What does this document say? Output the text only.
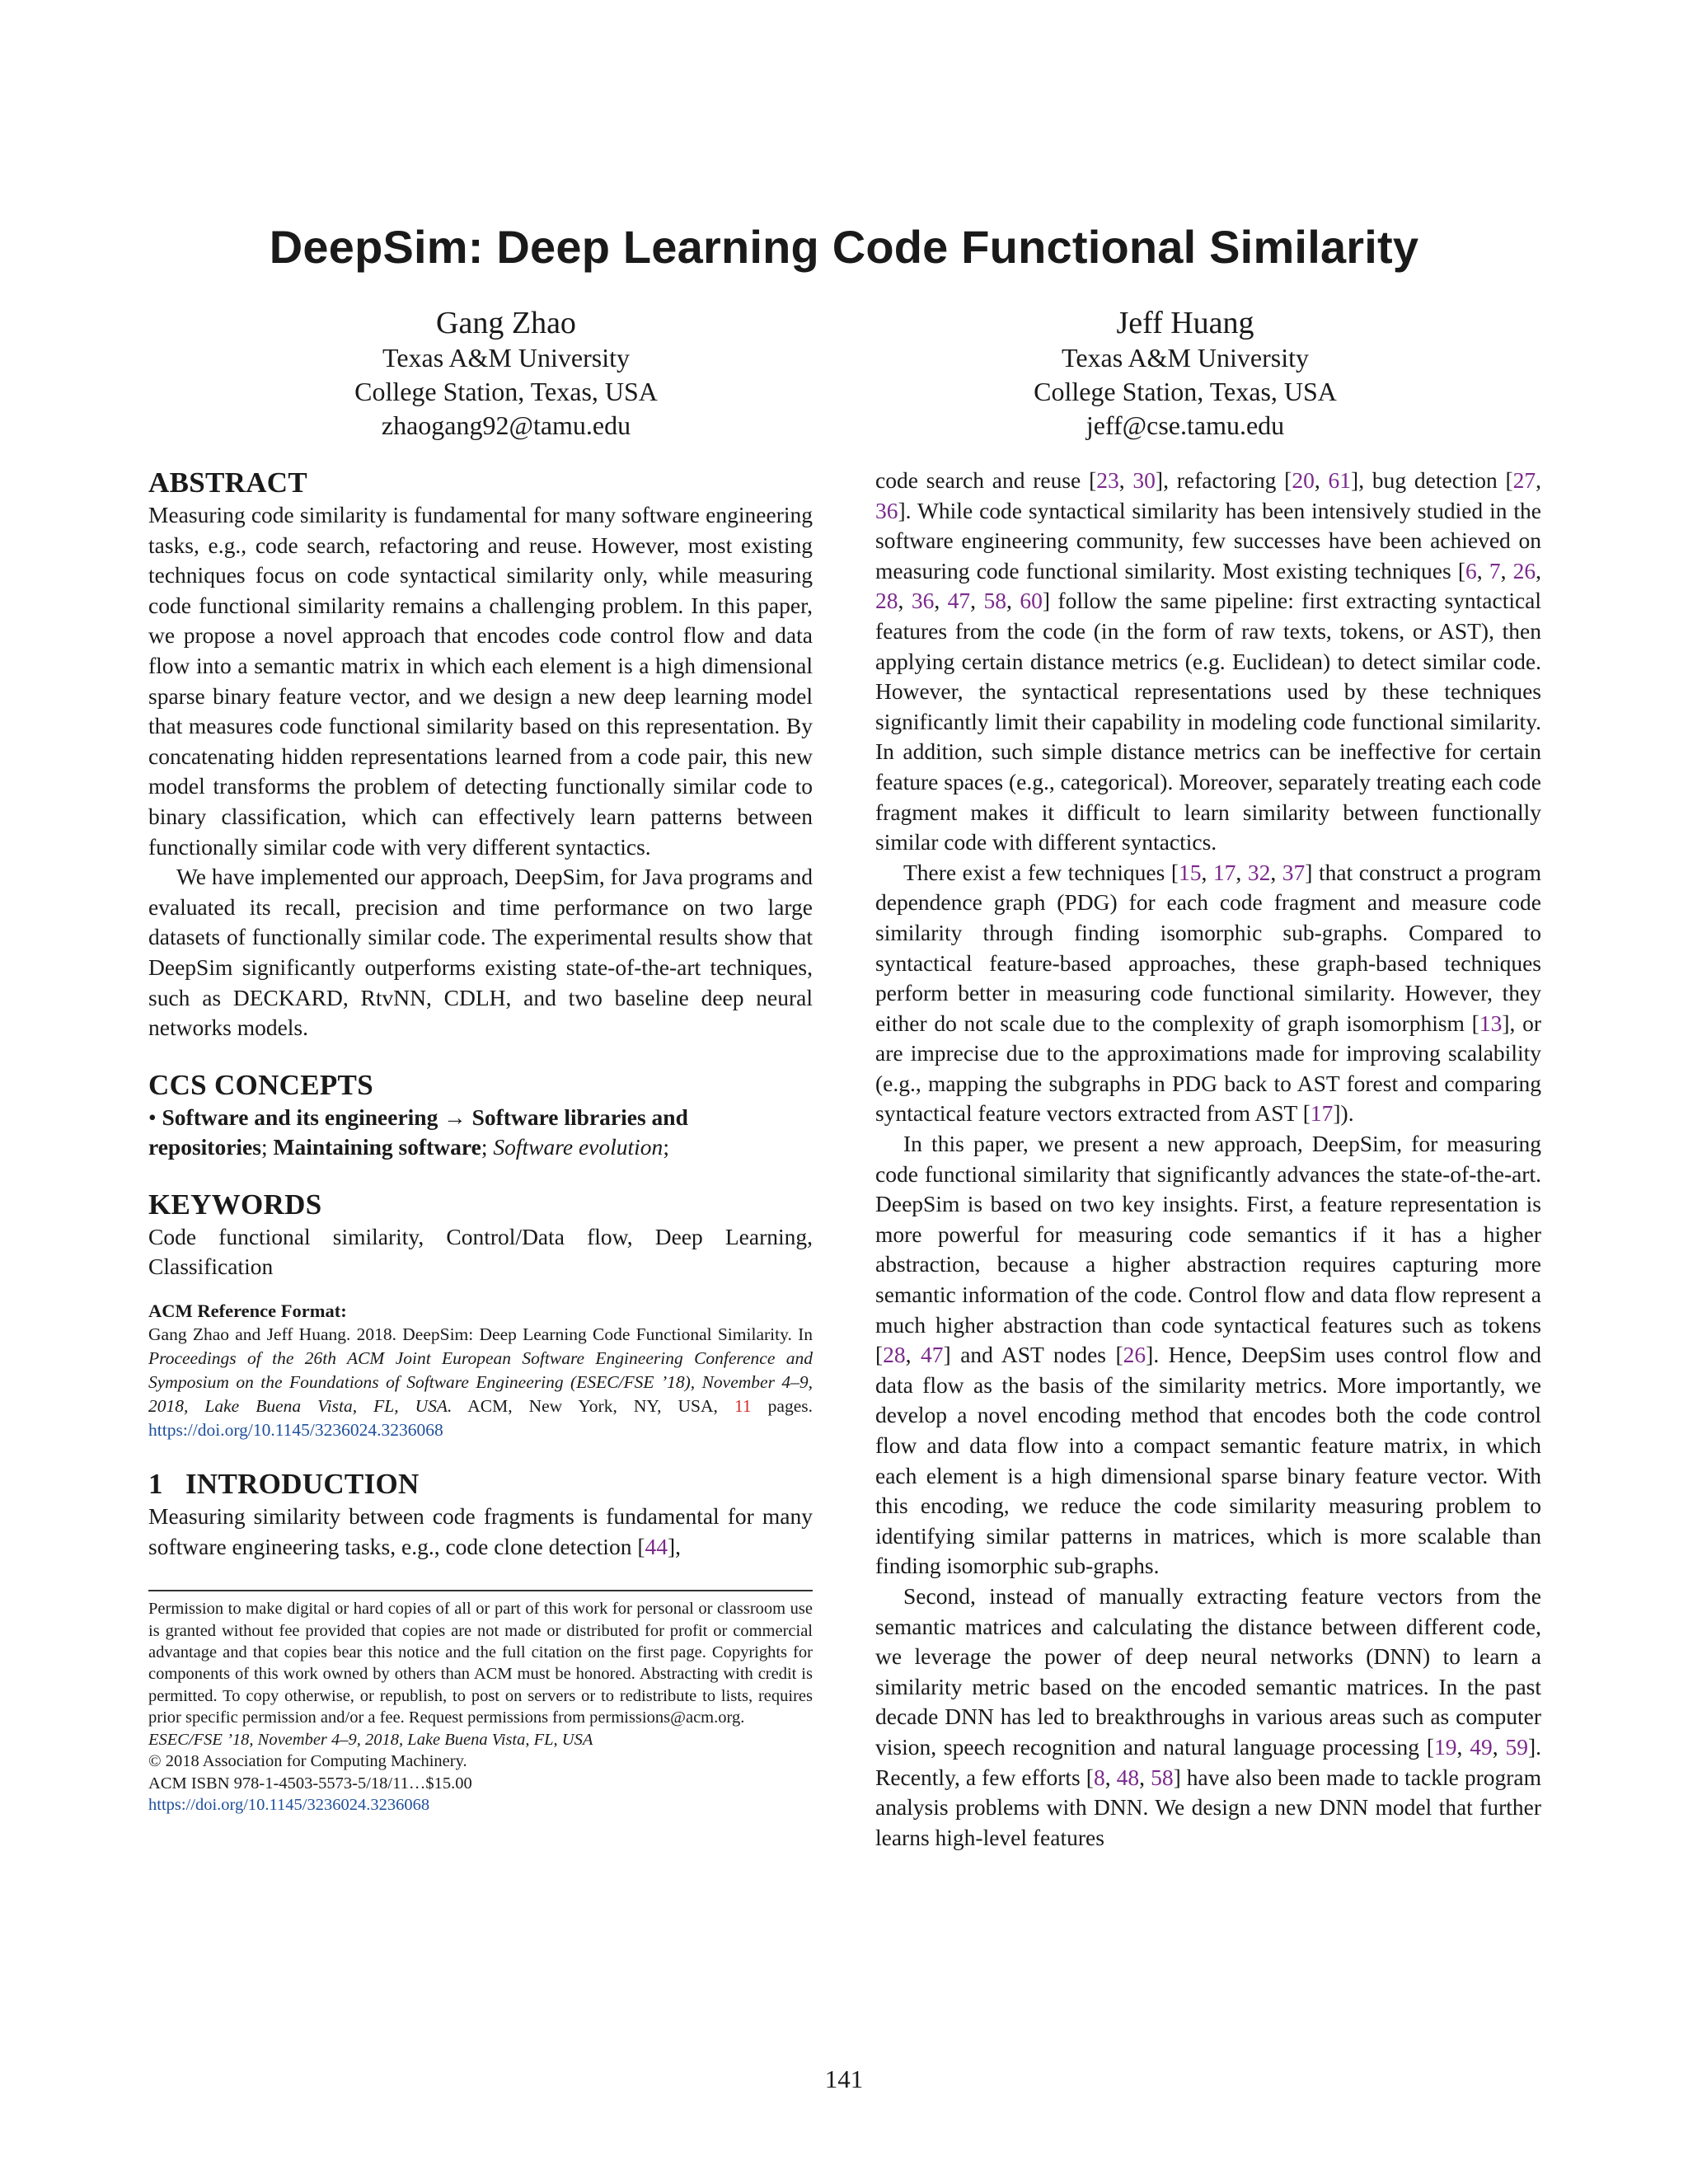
DeepSim: Deep Learning Code Functional Similarity
Gang Zhao
Texas A&M University
College Station, Texas, USA
zhaogang92@tamu.edu
Jeff Huang
Texas A&M University
College Station, Texas, USA
jeff@cse.tamu.edu
ABSTRACT

Measuring code similarity is fundamental for many software engineering tasks, e.g., code search, refactoring and reuse. However, most existing techniques focus on code syntactical similarity only, while measuring code functional similarity remains a challenging problem. In this paper, we propose a novel approach that encodes code control flow and data flow into a semantic matrix in which each element is a high dimensional sparse binary feature vector, and we design a new deep learning model that measures code functional similarity based on this representation. By concatenating hidden representations learned from a code pair, this new model transforms the problem of detecting functionally similar code to binary classification, which can effectively learn patterns between functionally similar code with very different syntactics.

We have implemented our approach, DeepSim, for Java programs and evaluated its recall, precision and time performance on two large datasets of functionally similar code. The experimental results show that DeepSim significantly outperforms existing state-of-the-art techniques, such as DECKARD, RtvNN, CDLH, and two baseline deep neural networks models.

CCS CONCEPTS

• Software and its engineering → Software libraries and repositories; Maintaining software; Software evolution;

KEYWORDS

Code functional similarity, Control/Data flow, Deep Learning, Classification

ACM Reference Format:

Gang Zhao and Jeff Huang. 2018. DeepSim: Deep Learning Code Functional Similarity. In Proceedings of the 26th ACM Joint European Software Engineering Conference and Symposium on the Foundations of Software Engineering (ESEC/FSE ’18), November 4–9, 2018, Lake Buena Vista, FL, USA. ACM, New York, NY, USA, 11 pages. https://doi.org/10.1145/3236024.3236068

1   INTRODUCTION

Measuring similarity between code fragments is fundamental for many software engineering tasks, e.g., code clone detection [44],

Permission to make digital or hard copies of all or part of this work for personal or classroom use is granted without fee provided that copies are not made or distributed for profit or commercial advantage and that copies bear this notice and the full citation on the first page. Copyrights for components of this work owned by others than ACM must be honored. Abstracting with credit is permitted. To copy otherwise, or republish, to post on servers or to redistribute to lists, requires prior specific permission and/or a fee. Request permissions from permissions@acm.org.

ESEC/FSE ’18, November 4–9, 2018, Lake Buena Vista, FL, USA
© 2018 Association for Computing Machinery.
ACM ISBN 978-1-4503-5573-5/18/11…$15.00
https://doi.org/10.1145/3236024.3236068

code search and reuse [23, 30], refactoring [20, 61], bug detection [27, 36]. While code syntactical similarity has been intensively studied in the software engineering community, few successes have been achieved on measuring code functional similarity. Most existing techniques [6, 7, 26, 28, 36, 47, 58, 60] follow the same pipeline: first extracting syntactical features from the code (in the form of raw texts, tokens, or AST), then applying certain distance metrics (e.g. Euclidean) to detect similar code. However, the syntactical representations used by these techniques significantly limit their capability in modeling code functional similarity. In addition, such simple distance metrics can be ineffective for certain feature spaces (e.g., categorical). Moreover, separately treating each code fragment makes it difficult to learn similarity between functionally similar code with different syntactics.

There exist a few techniques [15, 17, 32, 37] that construct a program dependence graph (PDG) for each code fragment and measure code similarity through finding isomorphic sub-graphs. Compared to syntactical feature-based approaches, these graph-based techniques perform better in measuring code functional similarity. However, they either do not scale due to the complexity of graph isomorphism [13], or are imprecise due to the approximations made for improving scalability (e.g., mapping the subgraphs in PDG back to AST forest and comparing syntactical feature vectors extracted from AST [17]).

In this paper, we present a new approach, DeepSim, for measuring code functional similarity that significantly advances the state-of-the-art. DeepSim is based on two key insights. First, a feature representation is more powerful for measuring code semantics if it has a higher abstraction, because a higher abstraction requires capturing more semantic information of the code. Control flow and data flow represent a much higher abstraction than code syntactical features such as tokens [28, 47] and AST nodes [26]. Hence, DeepSim uses control flow and data flow as the basis of the similarity metrics. More importantly, we develop a novel encoding method that encodes both the code control flow and data flow into a compact semantic feature matrix, in which each element is a high dimensional sparse binary feature vector. With this encoding, we reduce the code similarity measuring problem to identifying similar patterns in matrices, which is more scalable than finding isomorphic sub-graphs.

Second, instead of manually extracting feature vectors from the semantic matrices and calculating the distance between different code, we leverage the power of deep neural networks (DNN) to learn a similarity metric based on the encoded semantic matrices. In the past decade DNN has led to breakthroughs in various areas such as computer vision, speech recognition and natural language processing [19, 49, 59]. Recently, a few efforts [8, 48, 58] have also been made to tackle program analysis problems with DNN. We design a new DNN model that further learns high-level features

141
